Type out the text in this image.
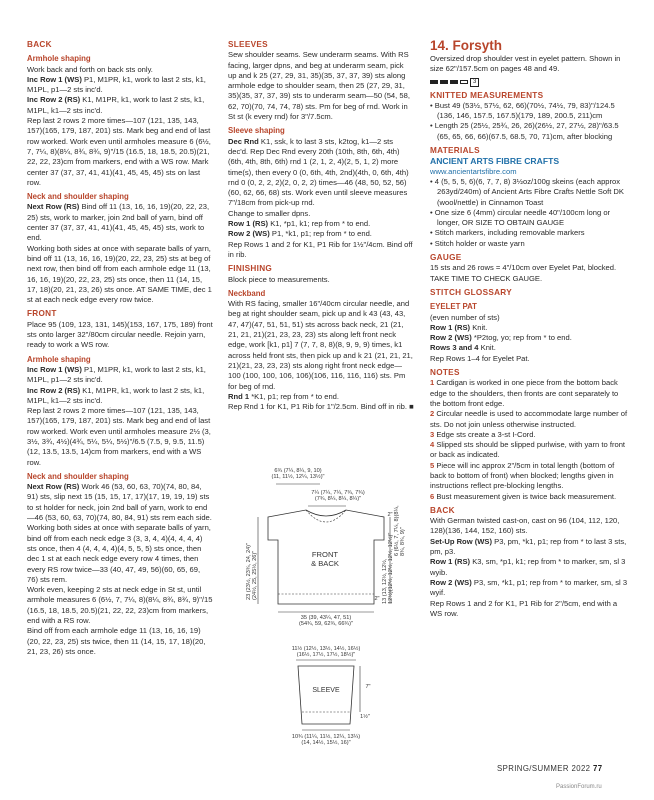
BACK
Armhole shaping
Work back and forth on back sts only.
Inc Row 1 (WS) P1, M1PR, k1, work to last 2 sts, k1, M1PL, p1—2 sts inc'd.
Inc Row 2 (RS) K1, M1PR, k1, work to last 2 sts, k1, M1PL, k1—2 sts inc'd.
Rep last 2 rows 2 more times—107 (121, 135, 143, 157)(165, 179, 187, 201) sts. Mark beg and end of last row worked. Work even until armholes measure 6 (6½, 7, 7¼, 8)(8¼, 8¾, 8¾, 9)"/15 (16.5, 18, 18.5, 20.5)(21, 22, 22, 23)cm from markers, end with a WS row. Mark center 37 (37, 37, 41, 41)(41, 45, 45, 45) sts on last row.
Neck and shoulder shaping
Next Row (RS) Bind off 11 (13, 16, 16, 19)(20, 22, 23, 25) sts, work to marker, join 2nd ball of yarn, bind off center 37 (37, 37, 41, 41)(41, 45, 45, 45) sts, work to end.
Working both sides at once with separate balls of yarn, bind off 11 (13, 16, 16, 19)(20, 22, 23, 25) sts at beg of next row, then bind off from each armhole edge 11 (13, 16, 16, 19)(20, 22, 23, 25) sts once, then 11 (14, 15, 17, 18)(20, 21, 23, 26) sts once. AT SAME TIME, dec 1 st at each neck edge every row twice.
FRONT
Place 95 (109, 123, 131, 145)(153, 167, 175, 189) front sts onto larger 32"/80cm circular needle. Rejoin yarn, ready to work a WS row.
Armhole shaping
Inc Row 1 (WS) P1, M1PR, k1, work to last 2 sts, k1, M1PL, p1—2 sts inc'd.
Inc Row 2 (RS) K1, M1PR, k1, work to last 2 sts, k1, M1PL, k1—2 sts inc'd.
Rep last 2 rows 2 more times—107 (121, 135, 143, 157)(165, 179, 187, 201) sts. Mark beg and end of last row worked. Work even until armholes measure 2½ (3, 3½, 3¾, 4½)(4¾, 5¼, 5¼, 5½)"/6.5 (7.5, 9, 9.5, 11.5)(12, 13.5, 13.5, 14)cm from markers, end with a WS row.
Neck and shoulder shaping
Next Row (RS) Work 46 (53, 60, 63, 70)(74, 80, 84, 91) sts, slip next 15 (15, 15, 17, 17)(17, 19, 19, 19) sts to st holder for neck, join 2nd ball of yarn, work to end—46 (53, 60, 63, 70)(74, 80, 84, 91) sts rem each side.
Working both sides at once with separate balls of yarn, bind off from each neck edge 3 (3, 3, 4, 4)(4, 4, 4, 4) sts once, then 4 (4, 4, 4, 4)(4, 5, 5, 5) sts once, then dec 1 st at each neck edge every row 4 times, then every RS row twice—33 (40, 47, 49, 56)(60, 65, 69, 76) sts rem.
Work even, keeping 2 sts at neck edge in St st, until armhole measures 6 (6½, 7, 7¼, 8)(8¼, 8¾, 8¾, 9)"/15 (16.5, 18, 18.5, 20.5)(21, 22, 22, 23)cm from markers, end with a RS row.
Bind off from each armhole edge 11 (13, 16, 16, 19)(20, 22, 23, 25) sts twice, then 11 (14, 15, 17, 18)(20, 21, 23, 26) sts once.
SLEEVES
Sew shoulder seams. Sew underarm seams. With RS facing, larger dpns, and beg at underarm seam, pick up and k 25 (27, 29, 31, 35)(35, 37, 37, 39) sts along armhole edge to shoulder seam, then 25 (27, 29, 31, 35)(35, 37, 37, 39) sts to underarm seam—50 (54, 58, 62, 70)(70, 74, 74, 78) sts. Pm for beg of rnd. Work in St st (k every rnd) for 3"/7.5cm.
Sleeve shaping
Dec Rnd K1, ssk, k to last 3 sts, k2tog, k1—2 sts dec'd. Rep Dec Rnd every 20th (10th, 8th, 6th, 4th)(6th, 4th, 8th, 6th) rnd 1 (2, 1, 2, 4)(2, 5, 1, 2) more time(s), then every 0 (0, 6th, 4th, 2nd)(4th, 0, 6th, 4th) rnd 0 (0, 2, 2, 2)(2, 0, 2, 2) times—46 (48, 50, 52, 56)(60, 62, 66, 68) sts. Work even until sleeve measures 7"/18cm from pick-up rnd.
Change to smaller dpns.
Row 1 (RS) K1, *p1, k1; rep from * to end.
Row 2 (WS) P1, *k1, p1; rep from * to end.
Rep Rows 1 and 2 for K1, P1 Rib for 1½"/4cm. Bind off in rib.
FINISHING
Block piece to measurements.
Neckband
With RS facing, smaller 16"/40cm circular needle, and beg at right shoulder seam, pick up and k 43 (43, 43, 47, 47)(47, 51, 51, 51) sts across back neck, 21 (21, 21, 21, 21)(21, 23, 23, 23) sts along left front neck edge, work [k1, p1] 7 (7, 7, 8, 8)(8, 9, 9, 9) times, k1 across held front sts, then pick up and k 21 (21, 21, 21, 21)(21, 23, 23, 23) sts along right front neck edge—100 (100, 100, 106, 106)(106, 116, 116, 116) sts. Pm for beg of rnd.
Rnd 1 *K1, p1; rep from * to end.
Rep Rnd 1 for K1, P1 Rib for 1"/2.5cm. Bind off in rib. ■
14. Forsyth
Oversized drop shoulder vest in eyelet pattern. Shown in size 62"/157.5cm on pages 48 and 49.
3
KNITTED MEASUREMENTS
• Bust 49 (53½, 57½, 62, 66)(70½, 74½, 79, 83)"/124.5 (136, 146, 157.5, 167.5)(179, 189, 200.5, 211)cm
• Length 25 (25½, 25¾, 26, 26)(26½, 27, 27½, 28)"/63.5 (65, 65, 66, 66)(67.5, 68.5, 70, 71)cm, after blocking
MATERIALS
ANCIENT ARTS FIBRE CRAFTS
www.ancientartsfibre.com
• 4 (5, 5, 5, 6)(6, 7, 7, 8) 3½oz/100g skeins (each approx 263yd/240m) of Ancient Arts Fibre Crafts Nettle Soft DK (wool/nettle) in Cinnamon Toast
• One size 6 (4mm) circular needle 40"/100cm long or longer, OR SIZE TO OBTAIN GAUGE
• Stitch markers, including removable markers
• Stitch holder or waste yarn
GAUGE
15 sts and 26 rows = 4"/10cm over Eyelet Pat, blocked.
TAKE TIME TO CHECK GAUGE.
STITCH GLOSSARY
EYELET PAT
(even number of sts)
Row 1 (RS) Knit.
Row 2 (WS) *P2tog, yo; rep from * to end.
Rows 3 and 4 Knit.
Rep Rows 1–4 for Eyelet Pat.
NOTES
1 Cardigan is worked in one piece from the bottom back edge to the shoulders, then fronts are cont separately to the bottom front edge.
2 Circular needle is used to accommodate large number of sts. Do not join unless otherwise instructed.
3 Edge sts create a 3-st I-Cord.
4 Slipped sts should be slipped purlwise, with yarn to front or back as indicated.
5 Piece will inc approx 2"/5cm in total length (bottom of back to bottom of front) when blocked; lengths given in instructions reflect pre-blocking lengths.
6 Bust measurement given is twice back measurement.
BACK
With German twisted cast-on, cast on 96 (104, 112, 120, 128)(136, 144, 152, 160) sts.
Set-Up Row (WS) P3, pm, *k1, p1; rep from * to last 3 sts, pm, p3.
Row 1 (RS) K3, sm, *p1, k1; rep from * to marker, sm, sl 3 wyib.
Row 2 (WS) P3, sm, *k1, p1; rep from * to marker, sm, sl 3 wyif.
Rep Rows 1 and 2 for K1, P1 Rib for 2"/5cm, end with a WS row.
6¾ (7¼, 8¼, 9, 10)
(11, 11½, 12¼, 13½)"
7¼ (7¼, 7¼, 7¾, 7¾)
(7¾, 8¼, 8¼, 8¼)"
FRONT
& BACK
23 (23½, 23¾, 24, 24)"
(24½, 25, 25½, 26)"	6 (6½, 7, 7¼, 8)(8¼,
8¾, 8¾, 9)"
13 (13, 12½, 12½,
12½)(12½, 12½, 12½, 12½)"
2"
2"
35 (39, 43¼, 47, 51)
(54¾, 59, 62¾, 66¾)"
11½ (12½, 13½, 14½, 16½)
(16½, 17½, 17½, 18½)"
SLEEVE	7"
1½"
10¾ (11¼, 11½, 12¼, 13¼)
(14, 14½, 15½, 16)"
SPRING/SUMMER 2022 77
PassionForum.ru
